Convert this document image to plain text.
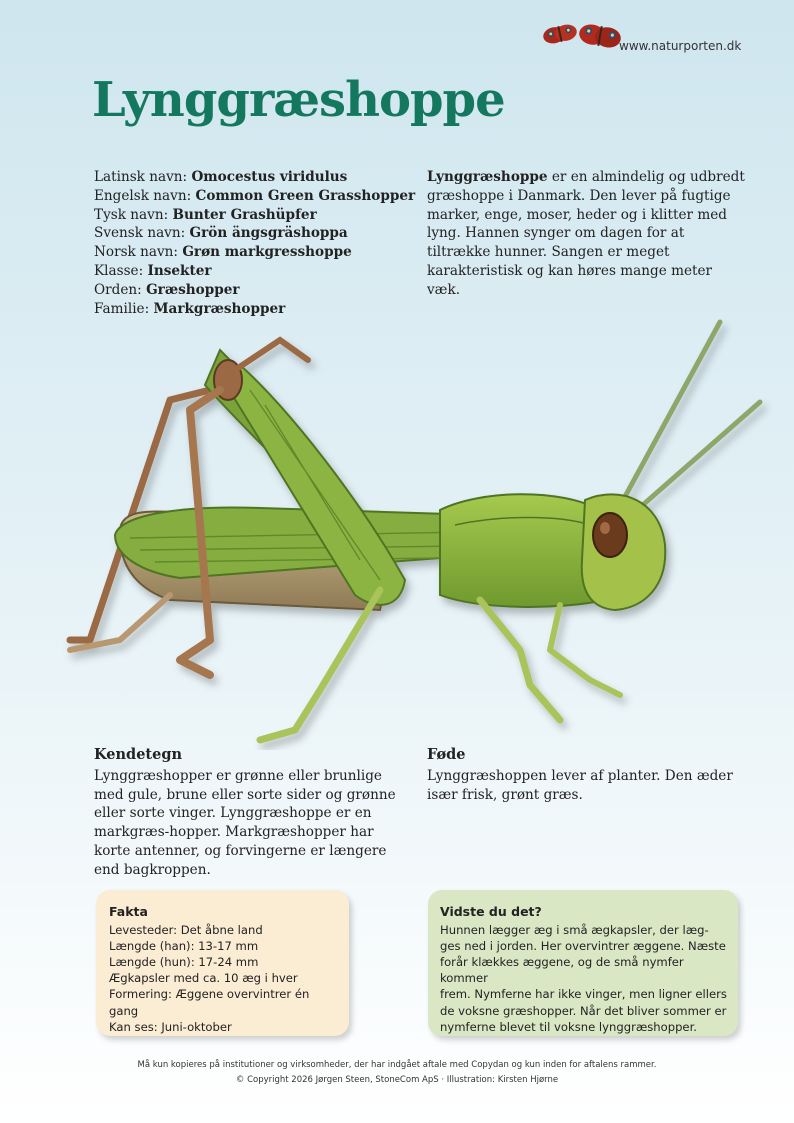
www.naturporten.dk
Lynggræshoppe
Latinsk navn: Omocestus viridulus
Engelsk navn: Common Green Grasshopper
Tysk navn: Bunter Grashüpfer
Svensk navn: Grön ängsgräshoppa
Norsk navn: Grøn markgresshoppe
Klasse: Insekter
Orden: Græshopper
Familie: Markgræshopper
Lynggræshoppe er en almindelig og udbredt græshoppe i Danmark. Den lever på fugtige marker, enge, moser, heder og i klitter med lyng. Hannen synger om dagen for at tiltrække hunner. Sangen er meget karakteristisk og kan høres mange meter væk.
Kendetegn
Lynggræshopper er grønne eller brunlige med gule, brune eller sorte sider og grønne eller sorte vinger. Lynggræshoppe er en markgræs-hopper. Markgræshopper har korte antenner, og forvingerne er længere end bagkroppen.
Føde
Lynggræshoppen lever af planter. Den æder især frisk, grønt græs.
Fakta
Levesteder: Det åbne land
Længde (han): 13-17 mm
Længde (hun): 17-24 mm
Ægkapsler med ca. 10 æg i hver
Formering: Æggene overvintrer én gang
Kan ses: Juni-oktober
Vidste du det?
Hunnen lægger æg i små ægkapsler, der læg-
ges ned i jorden. Her overvintrer æggene. Næste
forår klækkes æggene, og de små nymfer kommer
frem. Nymferne har ikke vinger, men ligner ellers
de voksne græshopper. Når det bliver sommer er
nymferne blevet til voksne lynggræshopper.
Må kun kopieres på institutioner og virksomheder, der har indgået aftale med Copydan og kun inden for aftalens rammer.
© Copyright 2026 Jørgen Steen, StoneCom ApS · Illustration: Kirsten Hjørne
